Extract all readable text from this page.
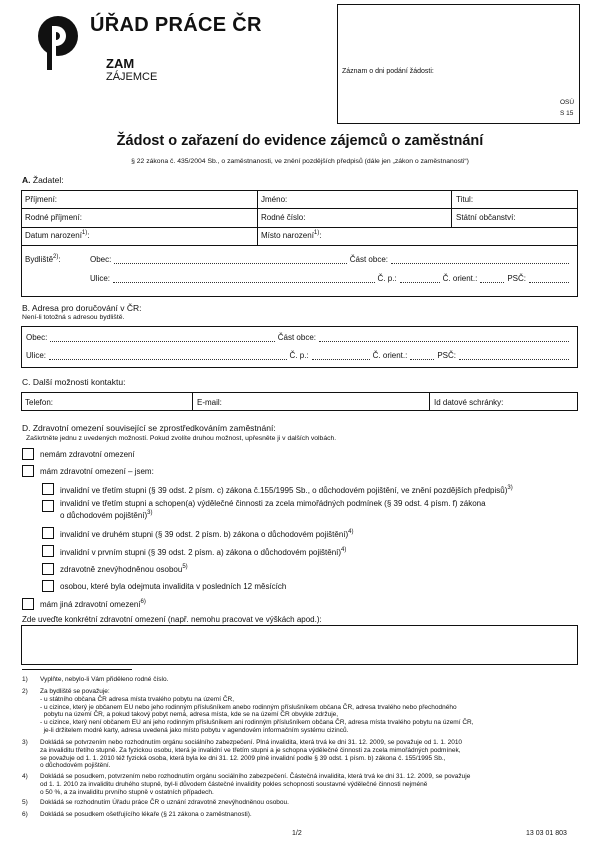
ÚŘAD PRÁCE ČR
ZAM
ZÁJEMCE	Záznam o dni podání žádosti:
OSÚ
S 15
Žádost o zařazení do evidence zájemců o zaměstnání
§ 22 zákona č. 435/2004 Sb., o zaměstnanosti, ve znění pozdějších předpisů (dále jen „zákon o zaměstnanosti“)
A. Žadatel:
Příjmení:	Jméno:	Titul:
Rodné příjmení:	Rodné číslo:	Státní občanství:
Datum narození$^{1)}$:	Místo narození$^{1)}$:
Bydliště$^{2)}$:	Obec:	Část obce:
Ulice:	Č. p.:	Č. orient.:	PSČ:
B. Adresa pro doručování v ČR:
Není-li totožná s adresou bydliště.
Obec:	Část obce:
Ulice:	Č. p.:	Č. orient.:	PSČ:
C. Další možnosti kontaktu:
Telefon:	E-mail:	Id datové schránky:
D. Zdravotní omezení související se zprostředkováním zaměstnání:
Zaškrtněte jednu z uvedených možností. Pokud zvolíte druhou možnost, upřesněte ji v dalších volbách.
nemám zdravotní omezení
mám zdravotní omezení – jsem:
invalidní ve třetím stupni (§ 39 odst. 2 písm. c) zákona č.155/1995 Sb., o důchodovém pojištění, ve znění pozdějších předpisů)$^{3)}$
invalidní ve třetím stupni a schopen(a) výdělečné činnosti za zcela mimořádných podmínek (§ 39 odst. 4 písm. f) zákona
o důchodovém pojištění)$^{3)}$
invalidní ve druhém stupni (§ 39 odst. 2 písm. b) zákona o důchodovém pojištění)$^{4)}$
invalidní v prvním stupni (§ 39 odst. 2 písm. a) zákona o důchodovém pojištění)$^{4)}$
zdravotně znevýhodněnou osobou$^{5)}$
osobou, které byla odejmuta invalidita v posledních 12 měsících
mám jiná zdravotní omezení$^{6)}$
Zde uveďte konkrétní zdravotní omezení (např. nemohu pracovat ve výškách apod.):
1) Vyplňte, nebylo-li Vám přiděleno rodné číslo.
2) Za bydliště se považuje:
- u státního občana ČR adresa místa trvalého pobytu na území ČR,
- u cizince, který je občanem EU nebo jeho rodinným příslušníkem anebo rodinným příslušníkem občana ČR, adresa trvalého nebo přechodného
pobytu na území ČR, a pokud takový pobyt nemá, adresa místa, kde se na území ČR obvykle zdržuje,
- u cizince, který není občanem EU ani jeho rodinným příslušníkem ani rodinným příslušníkem občana ČR, adresa místa trvalého pobytu na území ČR,
je-li držitelem modré karty, adresa uvedená jako místo pobytu v agendovém informačním systému cizinců.
3) Dokládá se potvrzením nebo rozhodnutím orgánu sociálního zabezpečení. Plná invalidita, která trvá ke dni 31. 12. 2009, se považuje od 1. 1. 2010
za invaliditu třetího stupně. Za fyzickou osobu, která je invalidní ve třetím stupni a je schopna výdělečné činnosti za zcela mimořádných podmínek,
se považuje od 1. 1. 2010 též fyzická osoba, která byla ke dni 31. 12. 2009 plně invalidní podle § 39 odst. 1 písm. b) zákona č. 155/1995 Sb.,
o důchodovém pojištění.
4) Dokládá se posudkem, potvrzením nebo rozhodnutím orgánu sociálního zabezpečení. Částečná invalidita, která trvá ke dni 31. 12. 2009, se považuje
od 1. 1. 2010 za invaliditu druhého stupně, byl-li důvodem částečné invalidity pokles schopnosti soustavné výdělečné činnosti nejméně
o 50 %, a za invaliditu prvního stupně v ostatních případech.
5) Dokládá se rozhodnutím Úřadu práce ČR o uznání zdravotně znevýhodněnou osobou.
6) Dokládá se posudkem ošetřujícího lékaře (§ 21 zákona o zaměstnanosti).
1/2	13 03 01 803
